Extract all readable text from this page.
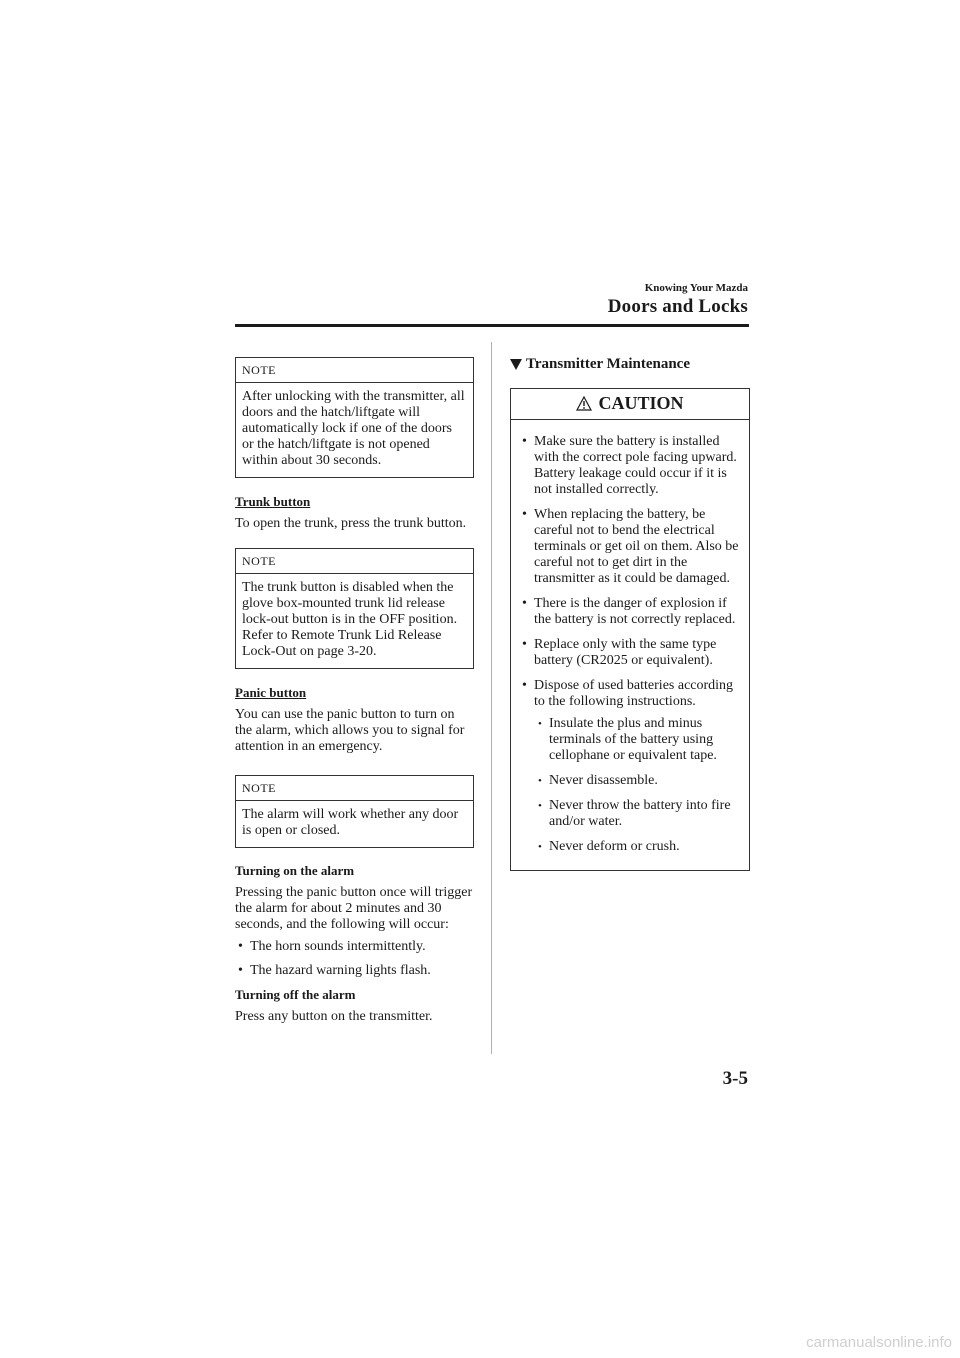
Knowing Your Mazda
Doors and Locks
NOTE
After unlocking with the transmitter, all doors and the hatch/liftgate will automatically lock if one of the doors or the hatch/liftgate is not opened within about 30 seconds.
Trunk button

To open the trunk, press the trunk button.

NOTE
The trunk button is disabled when the glove box-mounted trunk lid release lock-out button is in the OFF position. Refer to Remote Trunk Lid Release Lock-Out on page 3-20.
Panic button

You can use the panic button to turn on the alarm, which allows you to signal for attention in an emergency.

NOTE
The alarm will work whether any door is open or closed.
Turning on the alarm

Pressing the panic button once will trigger the alarm for about 2 minutes and 30 seconds, and the following will occur:

• The horn sounds intermittently.
• The hazard warning lights flash.
Turning off the alarm

Press any button on the transmitter.

Transmitter Maintenance
CAUTION
• Make sure the battery is installed with the correct pole facing upward. Battery leakage could occur if it is not installed correctly.
• When replacing the battery, be careful not to bend the electrical terminals or get oil on them. Also be careful not to get dirt in the transmitter as it could be damaged.
• There is the danger of explosion if the battery is not correctly replaced.
• Replace only with the same type battery (CR2025 or equivalent).
• Dispose of used batteries according to the following instructions.
• Insulate the plus and minus terminals of the battery using cellophane or equivalent tape.
• Never disassemble.
• Never throw the battery into fire and/or water.
• Never deform or crush.
3-5
carmanualsonline.info
